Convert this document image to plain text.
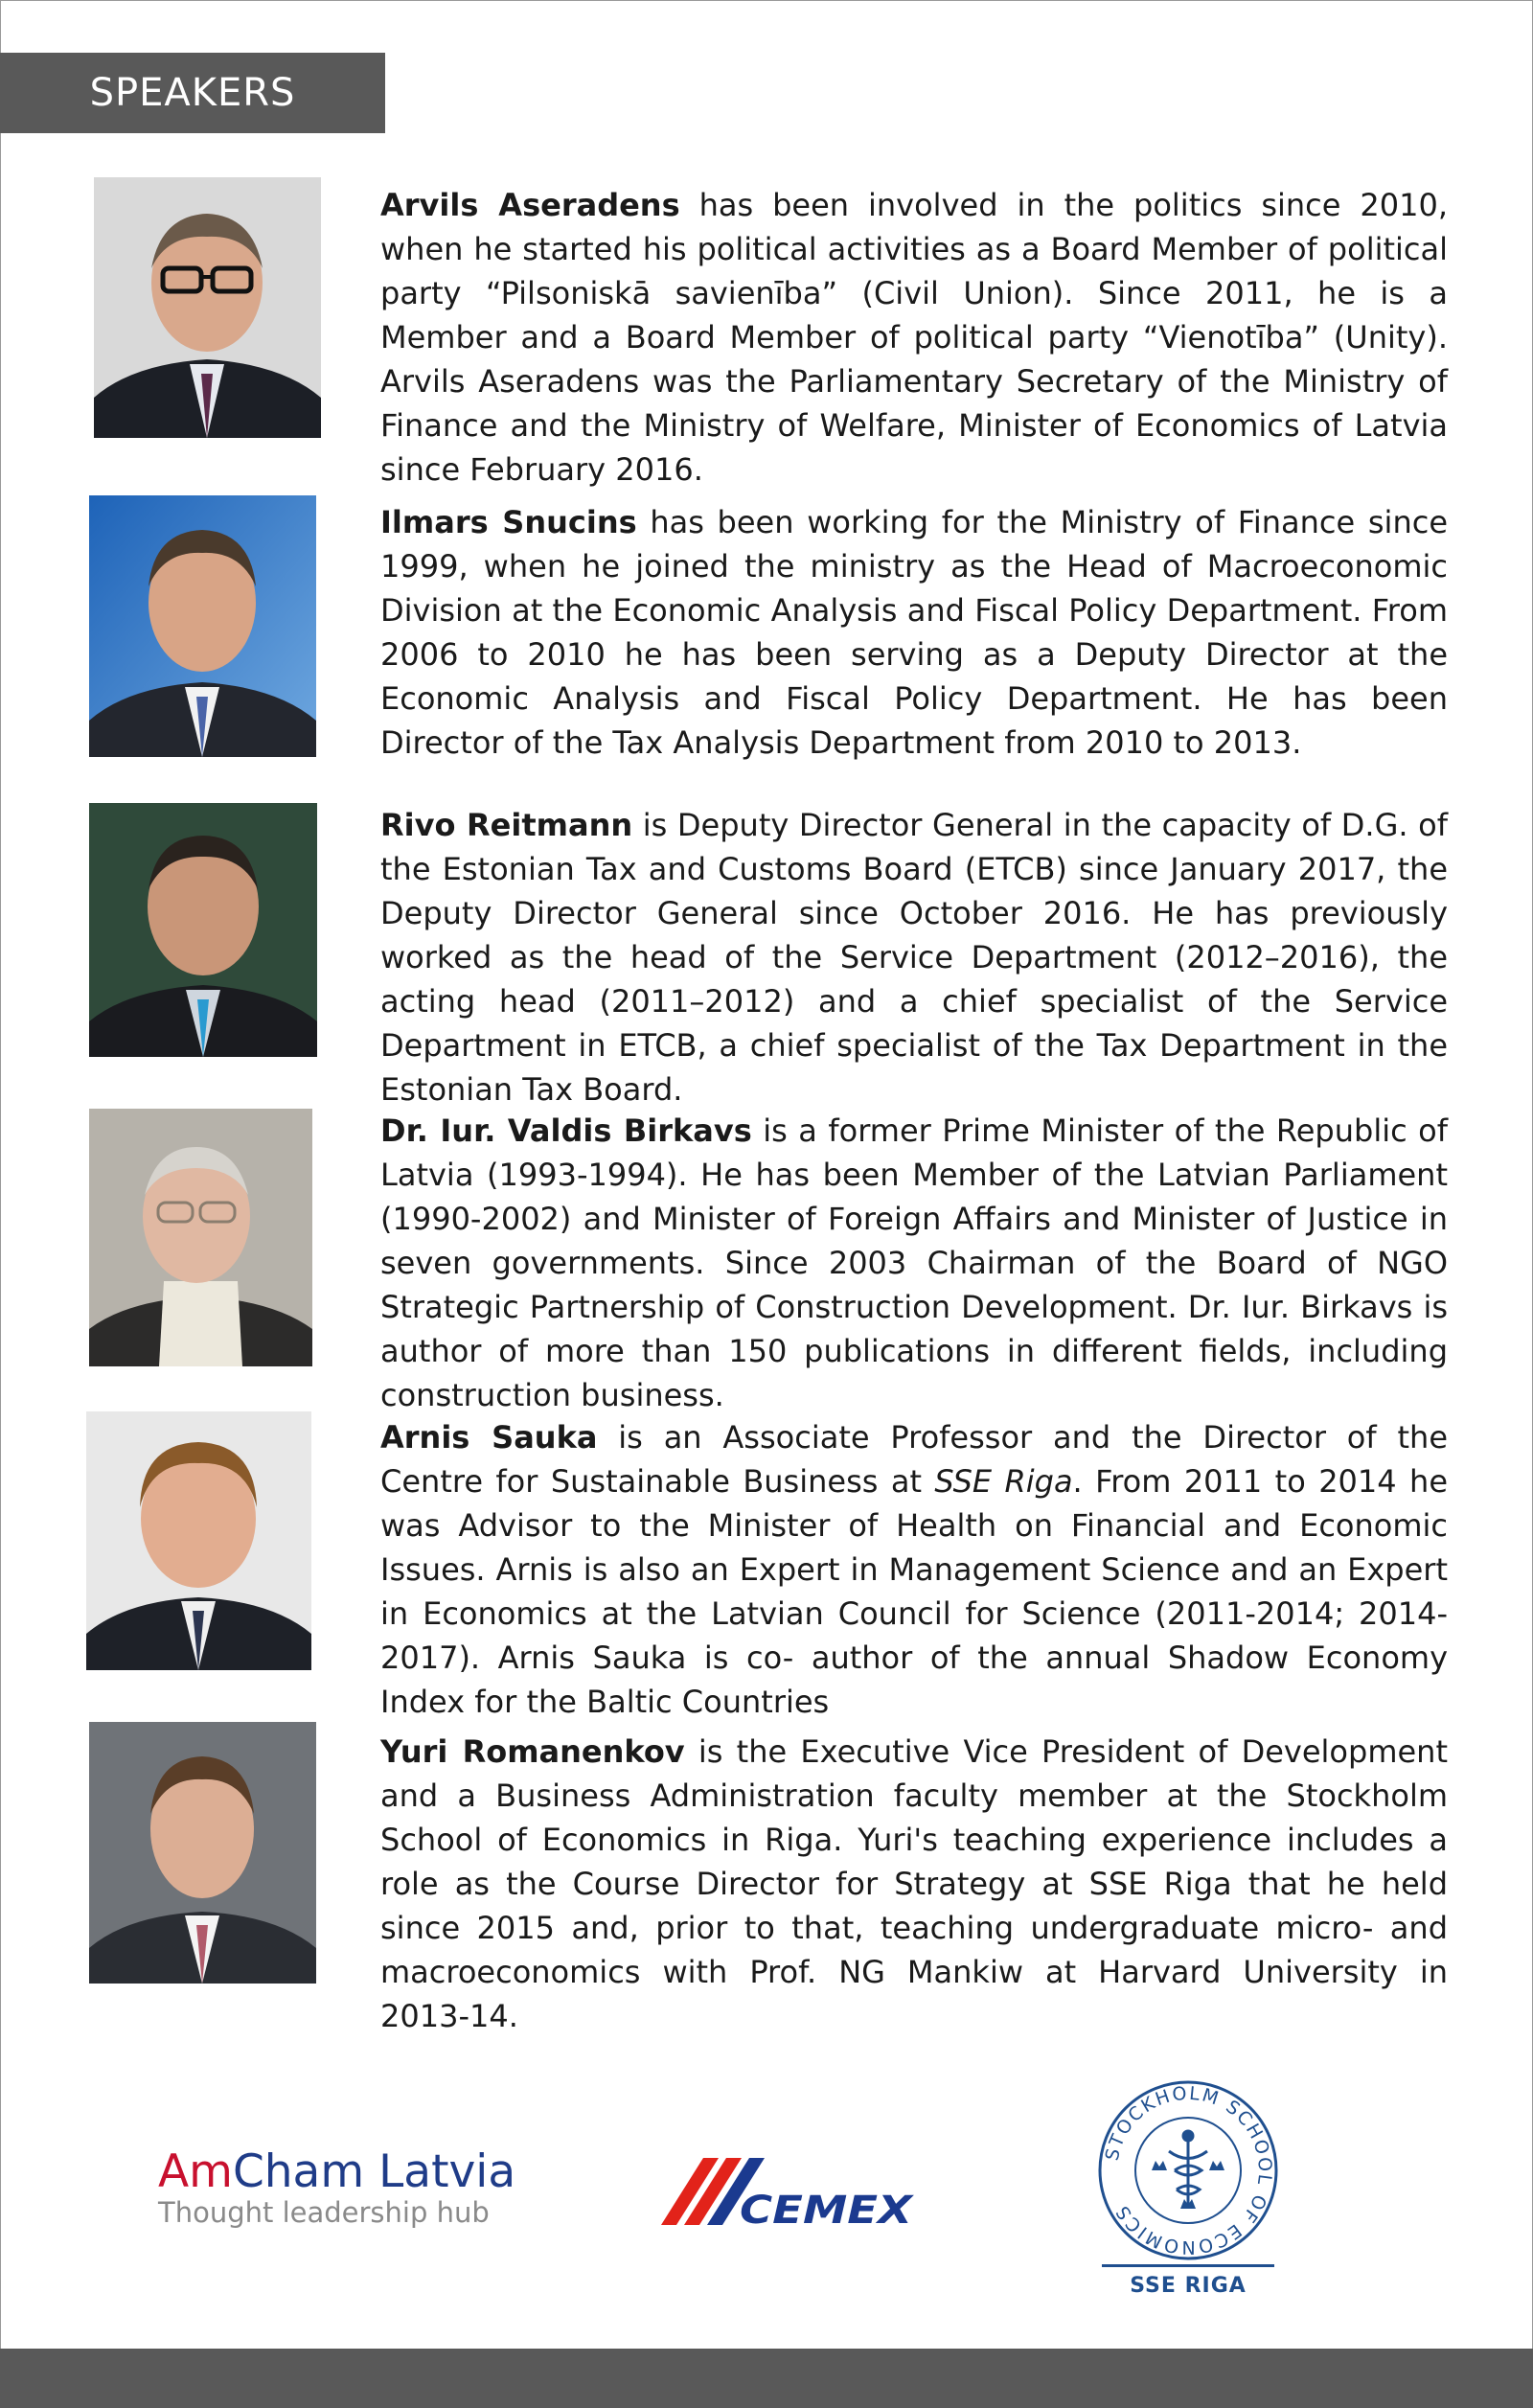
SPEAKERS

Arvils Aseradens has been involved in the politics since 2010, when he started his political activities as a Board Member of political party “Pilsoniskā savienība” (Civil Union). Since 2011, he is a Member and a Board Member of political party “Vienotība” (Unity). Arvils Aseradens was the Parliamentary Secretary of the Ministry of Finance and the Ministry of Welfare, Minister of Economics of Latvia since February 2016.

Ilmars Snucins has been working for the Ministry of Finance since 1999, when he joined the ministry as the Head of Macroeconomic Division at the Economic Analysis and Fiscal Policy Department. From 2006 to 2010 he has been serving as a Deputy Director at the Economic Analysis and Fiscal Policy Department. He has been Director of the Tax Analysis Department from 2010 to 2013.

Rivo Reitmann is Deputy Director General in the capacity of D.G. of the Estonian Tax and Customs Board (ETCB) since January 2017, the Deputy Director General since October 2016. He has previously worked as the head of the Service Department (2012–2016), the acting head (2011–2012) and a chief specialist of the Service Department in ETCB, a chief specialist of the Tax Department in the Estonian Tax Board.

Dr. Iur. Valdis Birkavs is a former Prime Minister of the Republic of Latvia (1993-1994). He has been Member of the Latvian Parliament (1990-2002) and Minister of Foreign Affairs and Minister of Justice in seven governments. Since 2003 Chairman of the Board of NGO Strategic Partnership of Construction Development. Dr. Iur. Birkavs is author of more than 150 publications in different fields, including construction business.

Arnis Sauka is an Associate Professor and the Director of the Centre for Sustainable Business at SSE Riga. From 2011 to 2014 he was Advisor to the Minister of Health on Financial and Economic Issues. Arnis is also an Expert in Management Science and an Expert in Economics at the Latvian Council for Science (2011-2014; 2014-2017). Arnis Sauka is co- author of the annual Shadow Economy Index for the Baltic Countries

Yuri Romanenkov is the Executive Vice President of Development and a Business Administration faculty member at the Stockholm School of Economics in Riga. Yuri's teaching experience includes a role as the Course Director for Strategy at SSE Riga that he held since 2015 and, prior to that, teaching undergraduate micro- and macroeconomics with Prof. NG Mankiw at Harvard University in 2013-14.

AmCham Latvia
Thought leadership hub	CEMEX
STOCKHOLM SCHOOL OF ECONOMICS
SSE RIGA
